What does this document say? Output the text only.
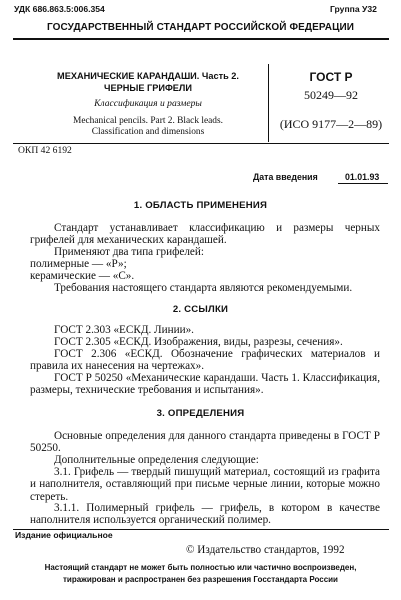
УДК 686.863.5:006.354	Группа У32
ГОСУДАРСТВЕННЫЙ СТАНДАРТ РОССИЙСКОЙ ФЕДЕРАЦИИ
МЕХАНИЧЕСКИЕ КАРАНДАШИ. Часть 2.
ЧЕРНЫЕ ГРИФЕЛИ
Классификация и размеры
Mechanical pencils. Part 2. Black leads.
Classification and dimensions
ГОСТ Р
50249—92
(ИСО 9177—2—89)
ОКП 42 6192
Дата введения	01.01.93
1. ОБЛАСТЬ ПРИМЕНЕНИЯ
Стандарт устанавливает классификацию и размеры черных грифелей для механических карандашей.
Применяют два типа грифелей:
полимерные — «Р»;
керамические — «С».
Требования настоящего стандарта являются рекомендуемыми.
2. ССЫЛКИ
ГОСТ 2.303 «ЕСКД. Линии».
ГОСТ 2.305 «ЕСКД. Изображения, виды, разрезы, сечения».
ГОСТ 2.306 «ЕСКД. Обозначение графических материалов и правила их нанесения на чертежах».
ГОСТ Р 50250 «Механические карандаши. Часть 1. Классификация, размеры, технические требования и испытания».
3. ОПРЕДЕЛЕНИЯ
Основные определения для данного стандарта приведены в ГОСТ Р 50250.
Дополнительные определения следующие:
3.1. Грифель — твердый пишущий материал, состоящий из графита и наполнителя, оставляющий при письме черные линии, которые можно стереть.
3.1.1. Полимерный грифель — грифель, в котором в качестве наполнителя используется органический полимер.
Издание официальное
© Издательство стандартов, 1992
Настоящий стандарт не может быть полностью или частично воспроизведен,
тиражирован и распространен без разрешения Госстандарта России
